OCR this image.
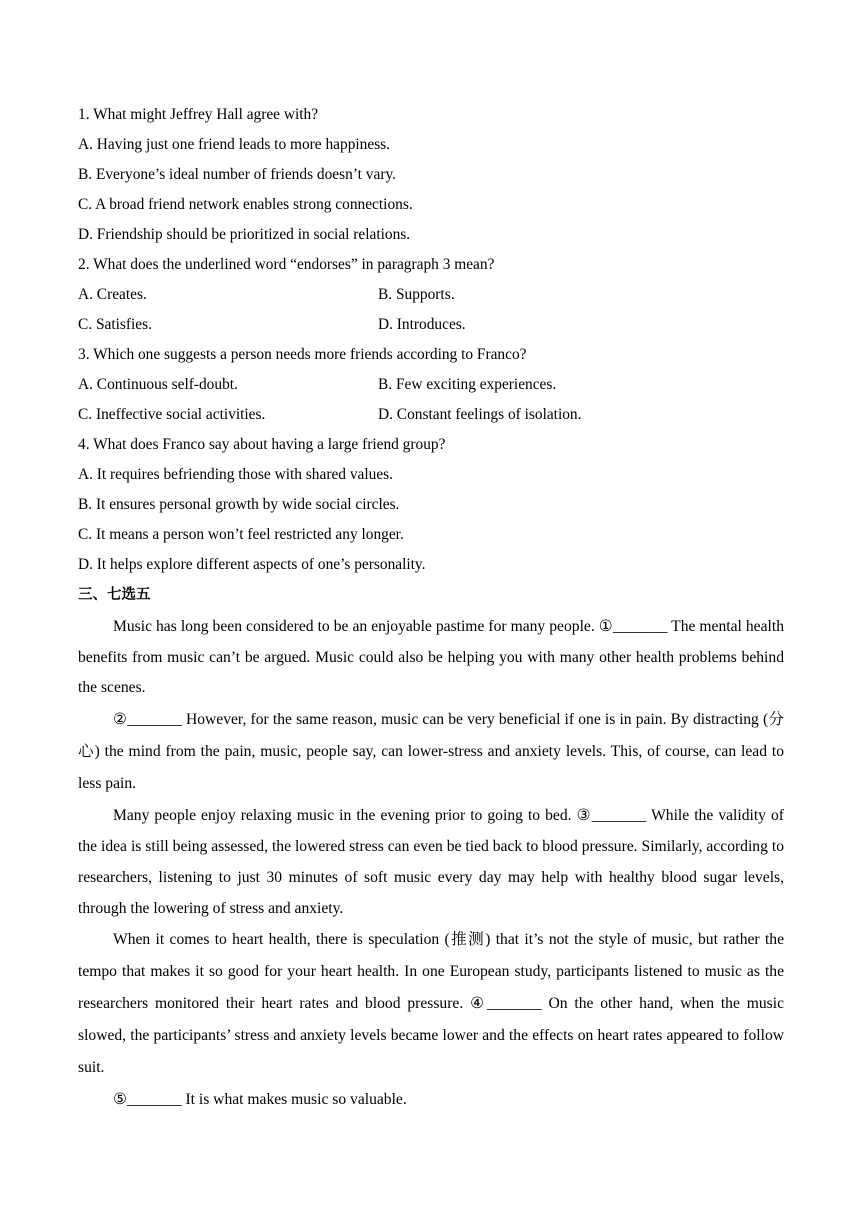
1. What might Jeffrey Hall agree with?
A. Having just one friend leads to more happiness.
B. Everyone’s ideal number of friends doesn’t vary.
C. A broad friend network enables strong connections.
D. Friendship should be prioritized in social relations.
2. What does the underlined word “endorses” in paragraph 3 mean?
A. Creates.	B. Supports.
C. Satisfies.	D. Introduces.
3. Which one suggests a person needs more friends according to Franco?
A. Continuous self-doubt.	B. Few exciting experiences.
C. Ineffective social activities.	D. Constant feelings of isolation.
4. What does Franco say about having a large friend group?
A. It requires befriending those with shared values.
B. It ensures personal growth by wide social circles.
C. It means a person won’t feel restricted any longer.
D. It helps explore different aspects of one’s personality.
三、七选五

Music has long been considered to be an enjoyable pastime for many people. ①_______ The mental health benefits from music can’t be argued. Music could also be helping you with many other health problems behind the scenes.

②_______ However, for the same reason, music can be very beneficial if one is in pain. By distracting (分心) the mind from the pain, music, people say, can lower-stress and anxiety levels. This, of course, can lead to less pain.

Many people enjoy relaxing music in the evening prior to going to bed. ③_______ While the validity of the idea is still being assessed, the lowered stress can even be tied back to blood pressure. Similarly, according to researchers, listening to just 30 minutes of soft music every day may help with healthy blood sugar levels, through the lowering of stress and anxiety.

When it comes to heart health, there is speculation (推测) that it’s not the style of music, but rather the tempo that makes it so good for your heart health. In one European study, participants listened to music as the researchers monitored their heart rates and blood pressure. ④_______ On the other hand, when the music slowed, the participants’ stress and anxiety levels became lower and the effects on heart rates appeared to follow suit.

⑤_______ It is what makes music so valuable.
